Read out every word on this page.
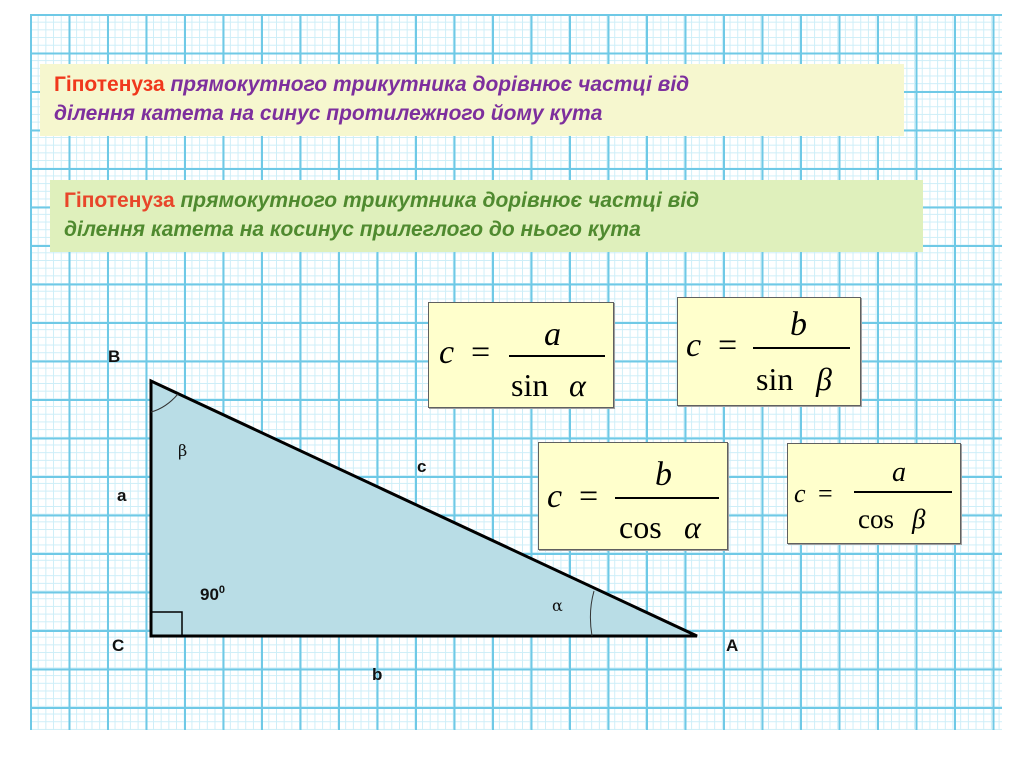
Гіпотенуза прямокутного трикутника дорівнює частці від
ділення катета на синус протилежного йому кута
Гіпотенуза прямокутного трикутника дорівнює частці від
ділення катета на косинус прилеглого до нього кута
c = a
sin α
c =
b
sin β
c =
b
cos α
c =
a
cos β
B
C	A
a
b
c
β
α
$90^0$
